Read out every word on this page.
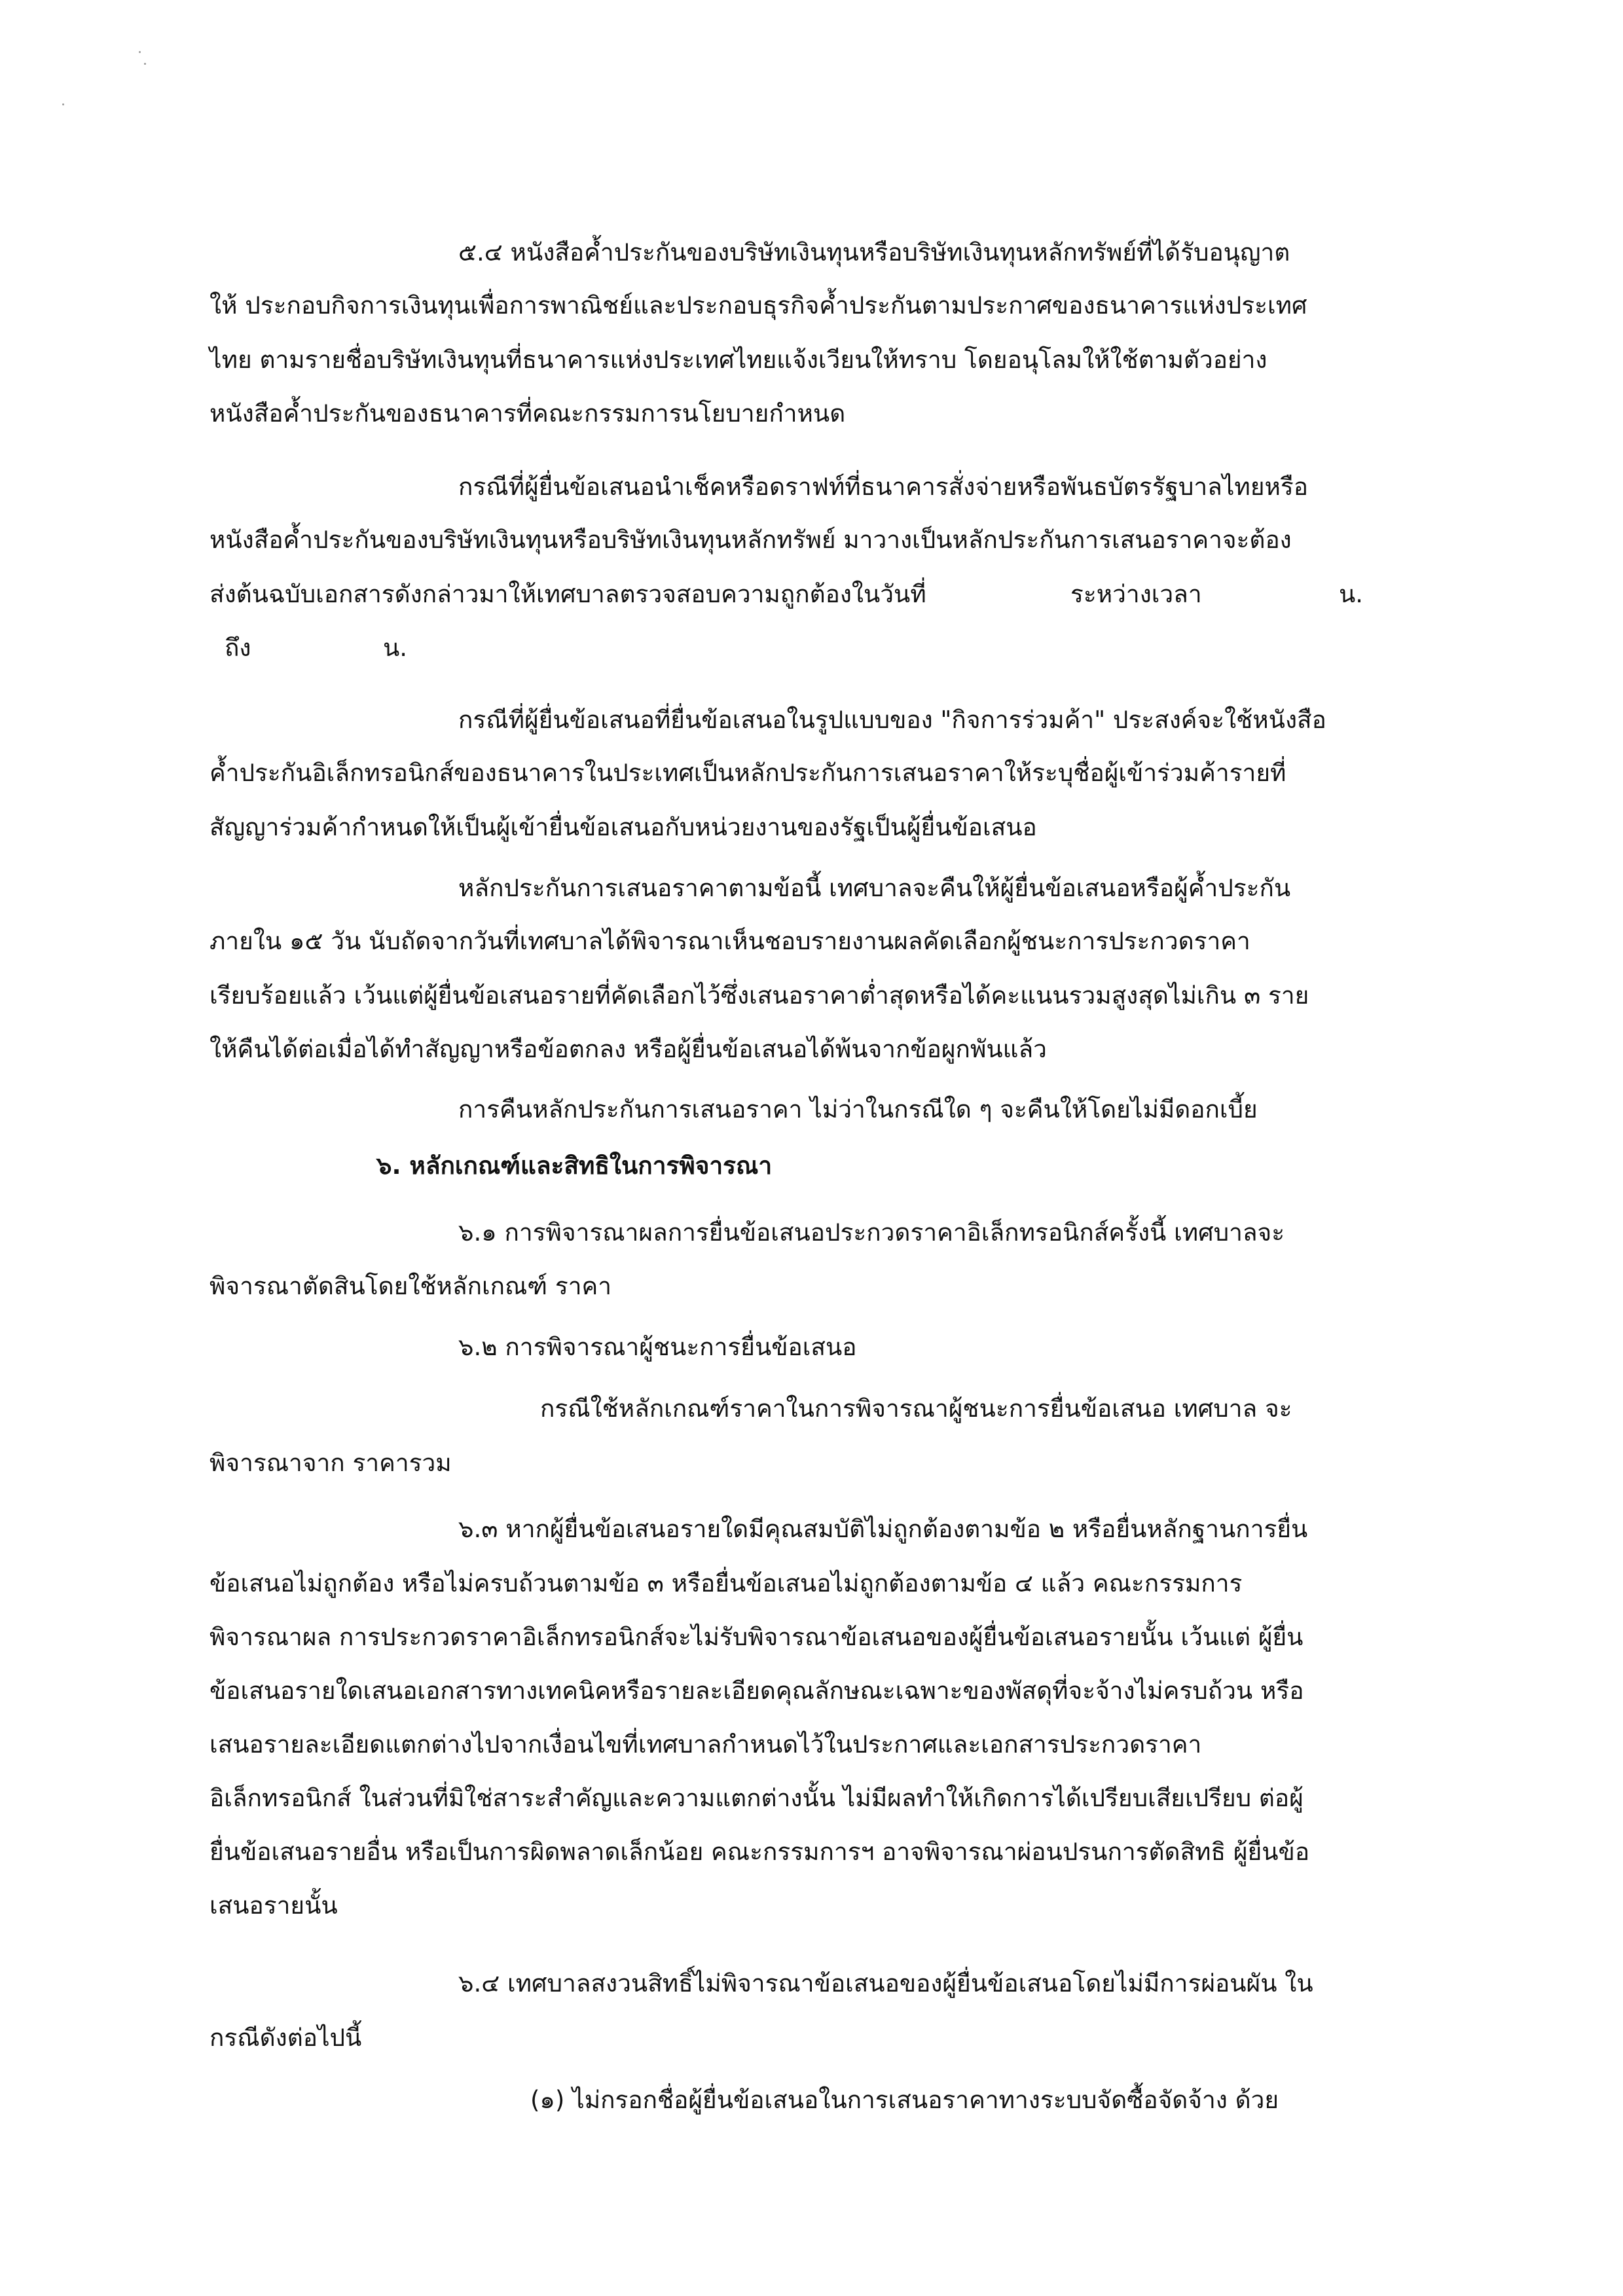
๕.๔ หนังสือค้ำประกันของบริษัทเงินทุนหรือบริษัทเงินทุนหลักทรัพย์ที่ได้รับอนุญาต
ให้ ประกอบกิจการเงินทุนเพื่อการพาณิชย์และประกอบธุรกิจค้ำประกันตามประกาศของธนาคารแห่งประเทศ
ไทย ตามรายชื่อบริษัทเงินทุนที่ธนาคารแห่งประเทศไทยแจ้งเวียนให้ทราบ โดยอนุโลมให้ใช้ตามตัวอย่าง
หนังสือค้ำประกันของธนาคารที่คณะกรรมการนโยบายกำหนด
กรณีที่ผู้ยื่นข้อเสนอนำเช็คหรือดราฟท์ที่ธนาคารสั่งจ่ายหรือพันธบัตรรัฐบาลไทยหรือ
หนังสือค้ำประกันของบริษัทเงินทุนหรือบริษัทเงินทุนหลักทรัพย์ มาวางเป็นหลักประกันการเสนอราคาจะต้อง
ส่งต้นฉบับเอกสารดังกล่าวมาให้เทศบาลตรวจสอบความถูกต้องในวันที่	ระหว่างเวลา	น.
ถึง	น.
กรณีที่ผู้ยื่นข้อเสนอที่ยื่นข้อเสนอในรูปแบบของ "กิจการร่วมค้า" ประสงค์จะใช้หนังสือ
ค้ำประกันอิเล็กทรอนิกส์ของธนาคารในประเทศเป็นหลักประกันการเสนอราคาให้ระบุชื่อผู้เข้าร่วมค้ารายที่
สัญญาร่วมค้ากำหนดให้เป็นผู้เข้ายื่นข้อเสนอกับหน่วยงานของรัฐเป็นผู้ยื่นข้อเสนอ
หลักประกันการเสนอราคาตามข้อนี้ เทศบาลจะคืนให้ผู้ยื่นข้อเสนอหรือผู้ค้ำประกัน
ภายใน ๑๕ วัน นับถัดจากวันที่เทศบาลได้พิจารณาเห็นชอบรายงานผลคัดเลือกผู้ชนะการประกวดราคา
เรียบร้อยแล้ว เว้นแต่ผู้ยื่นข้อเสนอรายที่คัดเลือกไว้ซึ่งเสนอราคาต่ำสุดหรือได้คะแนนรวมสูงสุดไม่เกิน ๓ ราย
ให้คืนได้ต่อเมื่อได้ทำสัญญาหรือข้อตกลง หรือผู้ยื่นข้อเสนอได้พ้นจากข้อผูกพันแล้ว
การคืนหลักประกันการเสนอราคา ไม่ว่าในกรณีใด ๆ จะคืนให้โดยไม่มีดอกเบี้ย
๖. หลักเกณฑ์และสิทธิในการพิจารณา
๖.๑ การพิจารณาผลการยื่นข้อเสนอประกวดราคาอิเล็กทรอนิกส์ครั้งนี้ เทศบาลจะ
พิจารณาตัดสินโดยใช้หลักเกณฑ์ ราคา
๖.๒ การพิจารณาผู้ชนะการยื่นข้อเสนอ
กรณีใช้หลักเกณฑ์ราคาในการพิจารณาผู้ชนะการยื่นข้อเสนอ เทศบาล จะ
พิจารณาจาก ราคารวม
๖.๓ หากผู้ยื่นข้อเสนอรายใดมีคุณสมบัติไม่ถูกต้องตามข้อ ๒ หรือยื่นหลักฐานการยื่น
ข้อเสนอไม่ถูกต้อง หรือไม่ครบถ้วนตามข้อ ๓ หรือยื่นข้อเสนอไม่ถูกต้องตามข้อ ๔ แล้ว คณะกรรมการ
พิจารณาผล การประกวดราคาอิเล็กทรอนิกส์จะไม่รับพิจารณาข้อเสนอของผู้ยื่นข้อเสนอรายนั้น เว้นแต่ ผู้ยื่น
ข้อเสนอรายใดเสนอเอกสารทางเทคนิคหรือรายละเอียดคุณลักษณะเฉพาะของพัสดุที่จะจ้างไม่ครบถ้วน หรือ
เสนอรายละเอียดแตกต่างไปจากเงื่อนไขที่เทศบาลกำหนดไว้ในประกาศและเอกสารประกวดราคา
อิเล็กทรอนิกส์ ในส่วนที่มิใช่สาระสำคัญและความแตกต่างนั้น ไม่มีผลทำให้เกิดการได้เปรียบเสียเปรียบ ต่อผู้
ยื่นข้อเสนอรายอื่น หรือเป็นการผิดพลาดเล็กน้อย คณะกรรมการฯ อาจพิจารณาผ่อนปรนการตัดสิทธิ ผู้ยื่นข้อ
เสนอรายนั้น
๖.๔ เทศบาลสงวนสิทธิ์ไม่พิจารณาข้อเสนอของผู้ยื่นข้อเสนอโดยไม่มีการผ่อนผัน ใน
กรณีดังต่อไปนี้
(๑) ไม่กรอกชื่อผู้ยื่นข้อเสนอในการเสนอราคาทางระบบจัดซื้อจัดจ้าง ด้วย
